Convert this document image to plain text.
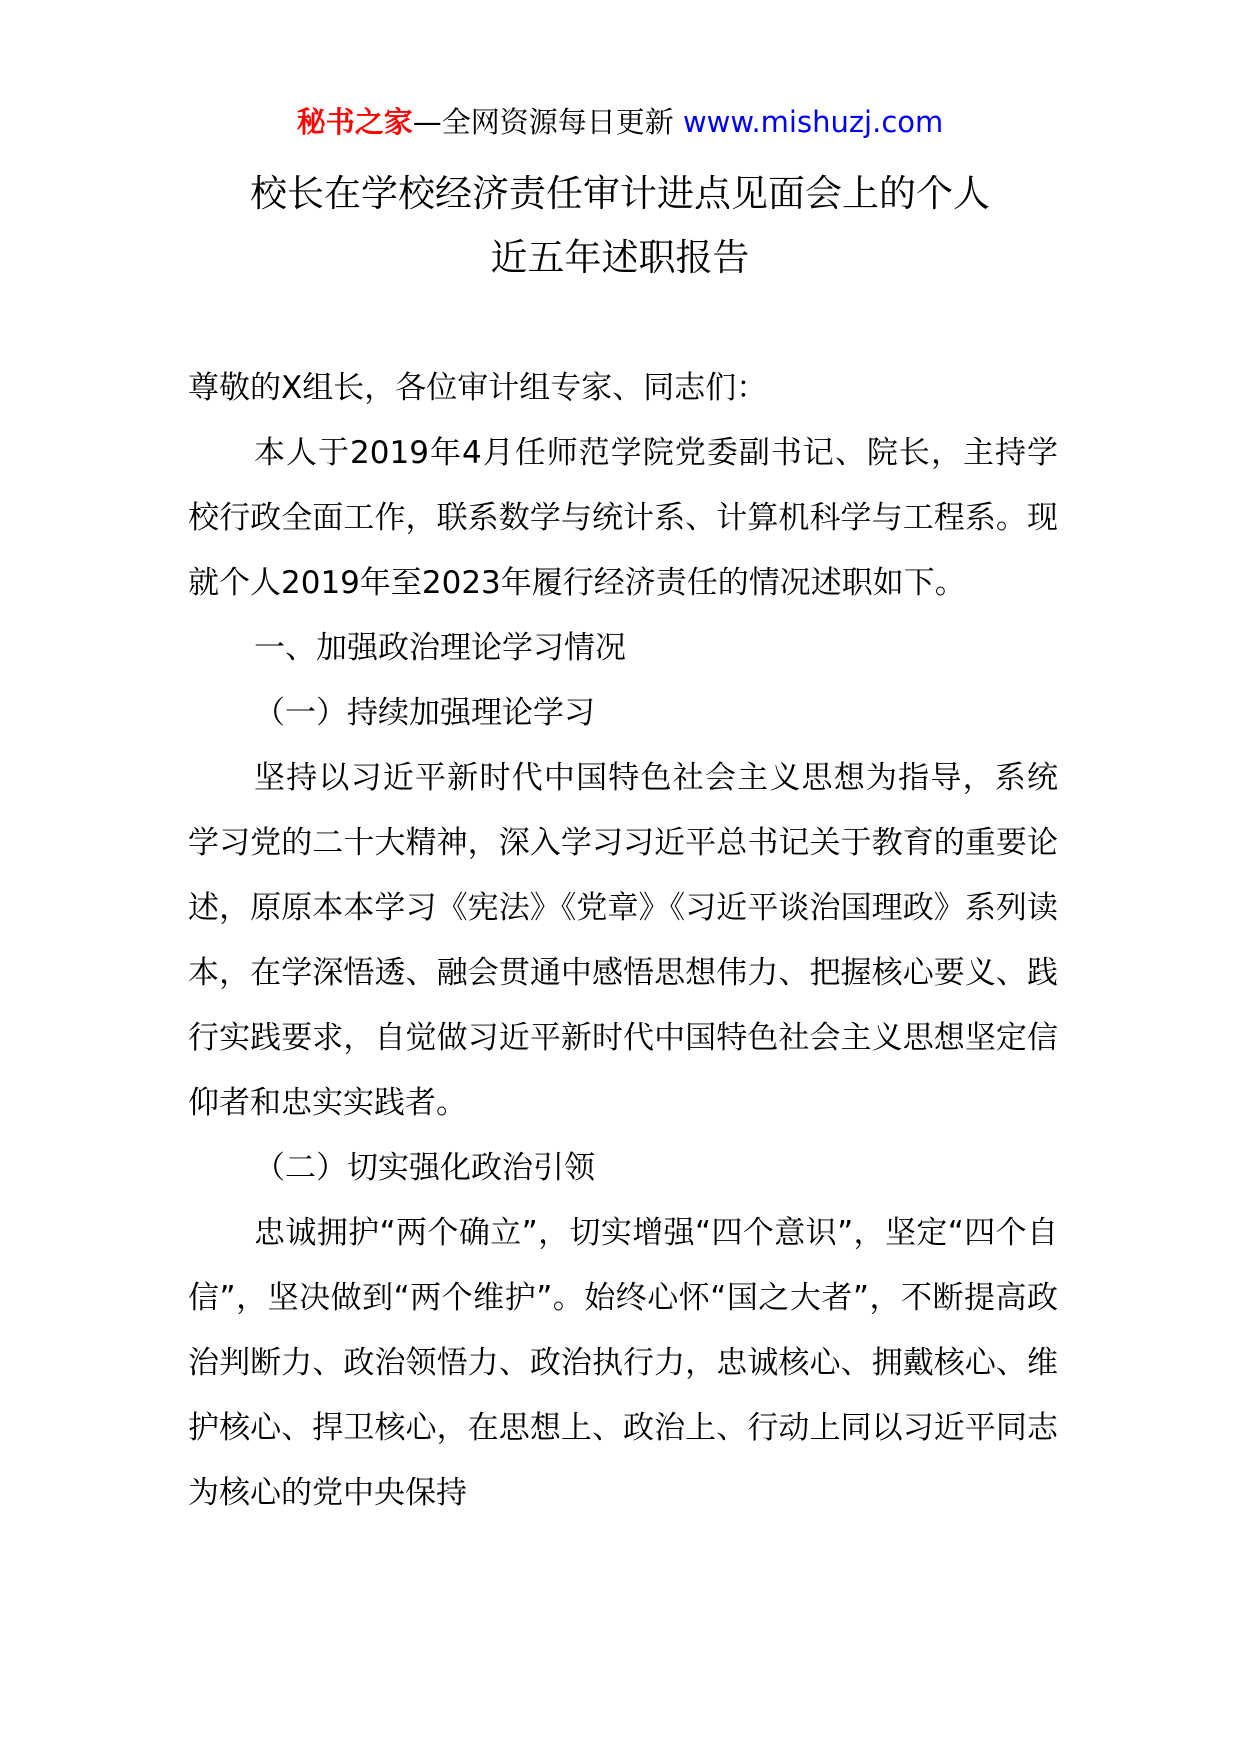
秘书之家—全网资源每日更新 www.mishuzj.com
校长在学校经济责任审计进点见面会上的个人
近五年述职报告

尊敬的X组长，各位审计组专家、同志们：

本人于2019年4月任师范学院党委副书记、院长，主持学校行政全面工作，联系数学与统计系、计算机科学与工程系。现就个人2019年至2023年履行经济责任的情况述职如下。

一、加强政治理论学习情况

（一）持续加强理论学习

坚持以习近平新时代中国特色社会主义思想为指导，系统学习党的二十大精神，深入学习习近平总书记关于教育的重要论述，原原本本学习《宪法》《党章》《习近平谈治国理政》系列读本，在学深悟透、融会贯通中感悟思想伟力、把握核心要义、践行实践要求，自觉做习近平新时代中国特色社会主义思想坚定信仰者和忠实实践者。

（二）切实强化政治引领

忠诚拥护“两个确立”，切实增强“四个意识”，坚定“四个自信”，坚决做到“两个维护”。始终心怀“国之大者”，不断提高政治判断力、政治领悟力、政治执行力，忠诚核心、拥戴核心、维护核心、捍卫核心，在思想上、政治上、行动上同以习近平同志为核心的党中央保持
